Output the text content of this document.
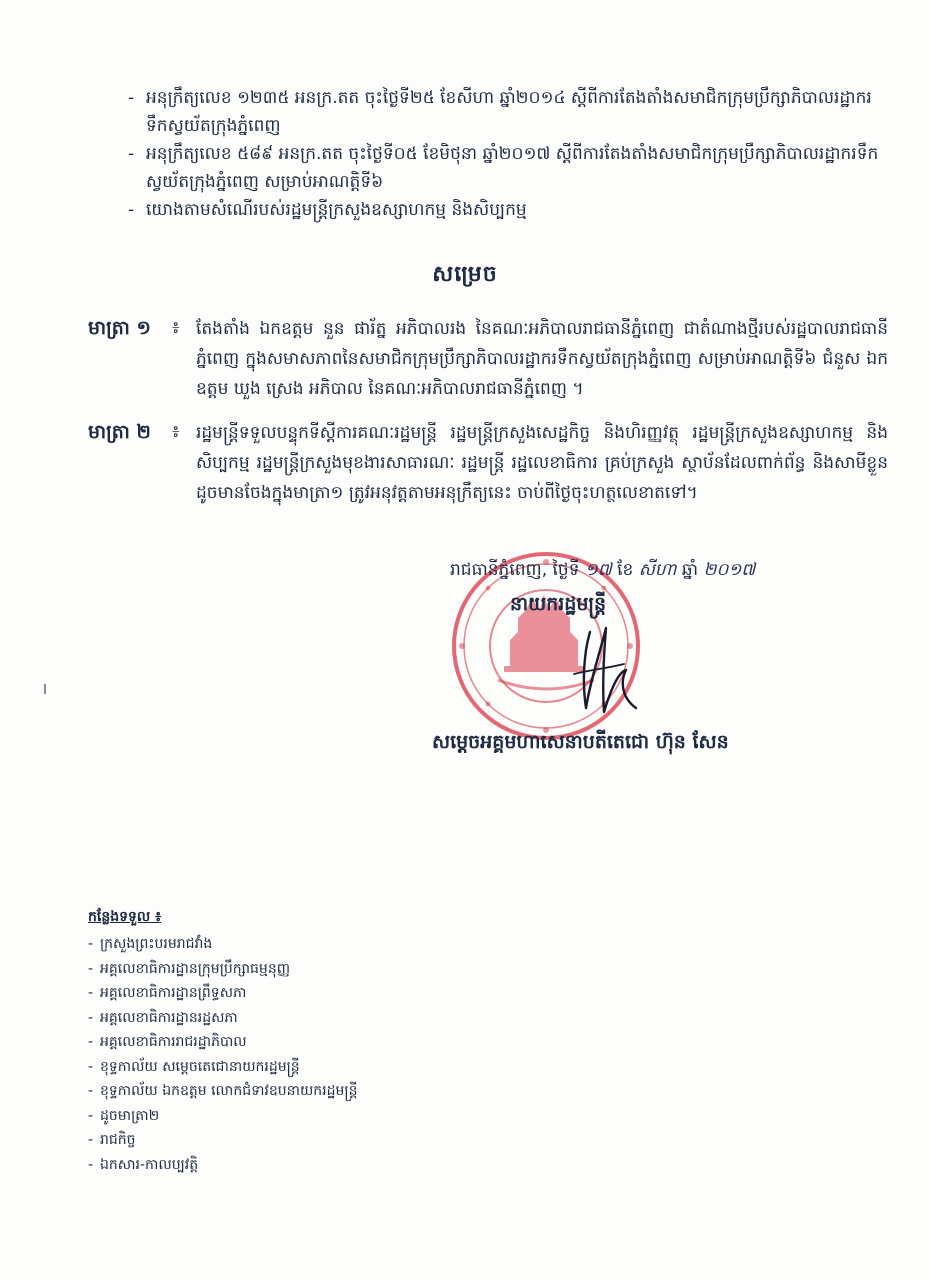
- អនុក្រឹត្យលេខ ១២៣៥ អនក្រ.តត ចុះថ្ងៃទី២៥ ខែសីហា ឆ្នាំ២០១៤ ស្តីពីការតែងតាំងសមាជិកក្រុមប្រឹក្សាភិបាលរដ្ឋាករទឹកស្វយ័តក្រុងភ្នំពេញ
- អនុក្រឹត្យលេខ ៥៨៩ អនក្រ.តត ចុះថ្ងៃទី០៥ ខែមិថុនា ឆ្នាំ២០១៧ ស្តីពីការតែងតាំងសមាជិកក្រុមប្រឹក្សាភិបាលរដ្ឋាករទឹកស្វយ័តក្រុងភ្នំពេញ សម្រាប់អាណត្តិទី៦
- យោងតាមសំណើរបស់រដ្ឋមន្ត្រីក្រសួងឧស្សាហកម្ម និងសិប្បកម្ម
សម្រេច
មាត្រា ១	៖ តែងតាំង ឯកឧត្តម នួន ផារ័ត្ន អភិបាលរង នៃគណៈអភិបាលរាជធានីភ្នំពេញ ជាតំណាងថ្មីរបស់រដ្ឋបាលរាជធានីភ្នំពេញ ក្នុងសមាសភាពនៃសមាជិកក្រុមប្រឹក្សាភិបាលរដ្ឋាករទឹកស្វយ័តក្រុងភ្នំពេញ សម្រាប់អាណត្តិទី៦ ជំនួស ឯកឧត្តម ឃួង ស្រេង អភិបាល នៃគណៈអភិបាលរាជធានីភ្នំពេញ ។
មាត្រា ២	៖ រដ្ឋមន្ត្រីទទួលបន្ទុកទីស្តីការគណៈរដ្ឋមន្ត្រី រដ្ឋមន្ត្រីក្រសួងសេដ្ឋកិច្ច និងហិរញ្ញវត្ថុ រដ្ឋមន្ត្រីក្រសួងឧស្សាហកម្ម និងសិប្បកម្ម រដ្ឋមន្ត្រីក្រសួងមុខងារសាធារណៈ រដ្ឋមន្ត្រី រដ្ឋលេខាធិការ គ្រប់ក្រសួង ស្ថាប័នដែលពាក់ព័ន្ធ និងសាមីខ្លួនដូចមានចែងក្នុងមាត្រា១ ត្រូវអនុវត្តតាមអនុក្រឹត្យនេះ ចាប់ពីថ្ងៃចុះហត្ថលេខាតទៅ។
រាជធានីភ្នំពេញ, ថ្ងៃទី ១៧ ខែ សីហា ឆ្នាំ ២០១៧
នាយករដ្ឋមន្ត្រី
សម្តេចអគ្គមហាសេនាបតីតេជោ ហ៊ុន សែន
កន្លែងទទួល ៖
- ក្រសួងព្រះបរមរាជវាំង
- អគ្គលេខាធិការដ្ឋានក្រុមប្រឹក្សាធម្មនុញ្ញ
- អគ្គលេខាធិការដ្ឋានព្រឹទ្ធសភា
- អគ្គលេខាធិការដ្ឋានរដ្ឋសភា
- អគ្គលេខាធិការរាជរដ្ឋាភិបាល
- ខុទ្ទកាល័យ សម្តេចតេជោនាយករដ្ឋមន្ត្រី
- ខុទ្ទកាល័យ ឯកឧត្តម លោកជំទាវឧបនាយករដ្ឋមន្ត្រី
- ដូចមាត្រា២
- រាជកិច្ច
- ឯកសារ-កាលប្បវត្តិ
